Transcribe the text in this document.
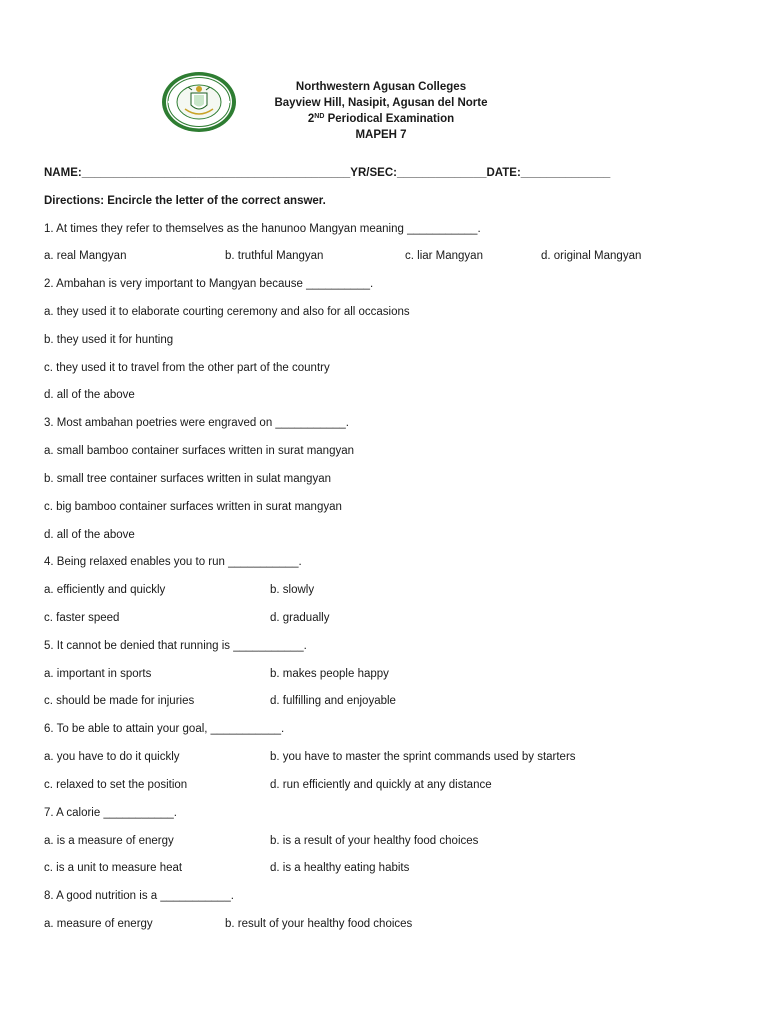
Northwestern Agusan Colleges
Bayview Hill, Nasipit, Agusan del Norte
2ND Periodical Examination
MAPEH 7
NAME:__________________________________________YR/SEC:______________DATE:______________
Directions: Encircle the letter of the correct answer.
1. At times they refer to themselves as the hanunoo Mangyan meaning ___________.
a. real Mangyan	b. truthful Mangyan	c. liar Mangyan	d. original Mangyan
2. Ambahan is very important to Mangyan because __________.
a. they used it to elaborate courting ceremony and also for all occasions
b. they used it for hunting
c. they used it to travel from the other part of the country
d. all of the above
3. Most ambahan poetries were engraved on ___________.
a. small bamboo container surfaces written in surat mangyan
b. small tree container surfaces written in sulat mangyan
c. big bamboo container surfaces written in surat mangyan
d. all of the above
4. Being relaxed enables you to run ___________.
a. efficiently and quickly	b. slowly
c. faster speed	d. gradually
5. It cannot be denied that running is ___________.
a. important in sports	b. makes people happy
c. should be made for injuries	d. fulfilling and enjoyable
6. To be able to attain your goal, ___________.
a. you have to do it quickly	b. you have to master the sprint commands used by starters
c. relaxed to set the position	d. run efficiently and quickly at any distance
7. A calorie ___________.
a. is a measure of energy	b. is a result of your healthy food choices
c. is a unit to measure heat	d. is a healthy eating habits
8. A good nutrition is a ___________.
a. measure of energy	b. result of your healthy food choices
